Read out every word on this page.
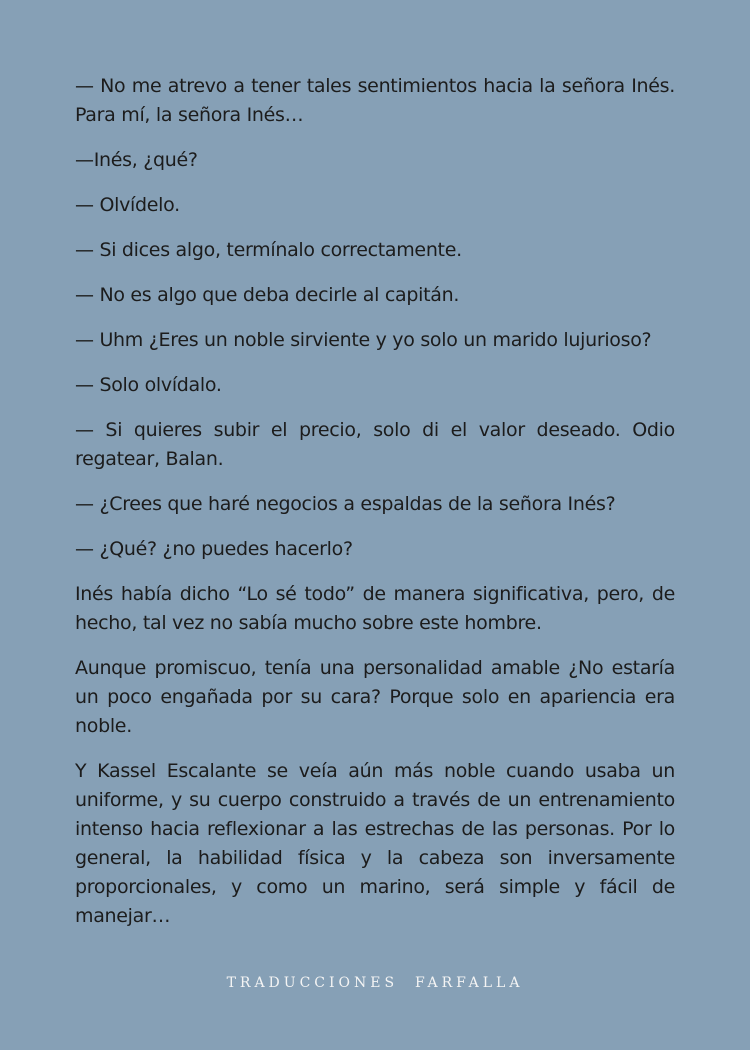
— No me atrevo a tener tales sentimientos hacia la señora Inés. Para mí, la señora Inés…

—Inés, ¿qué?

— Olvídelo.

— Si dices algo, termínalo correctamente.

— No es algo que deba decirle al capitán.

— Uhm ¿Eres un noble sirviente y yo solo un marido lujurioso?

— Solo olvídalo.

— Si quieres subir el precio, solo di el valor deseado. Odio regatear, Balan.

— ¿Crees que haré negocios a espaldas de la señora Inés?

— ¿Qué? ¿no puedes hacerlo?

Inés había dicho “Lo sé todo” de manera significativa, pero, de hecho, tal vez no sabía mucho sobre este hombre.

Aunque promiscuo, tenía una personalidad amable ¿No estaría un poco engañada por su cara? Porque solo en apariencia era noble.

Y Kassel Escalante se veía aún más noble cuando usaba un uniforme, y su cuerpo construido a través de un entrenamiento intenso hacia reflexionar a las estrechas de las personas. Por lo general, la habilidad física y la cabeza son inversamente proporcionales, y como un marino, será simple y fácil de manejar…

TRADUCCIONES  FARFALLA
